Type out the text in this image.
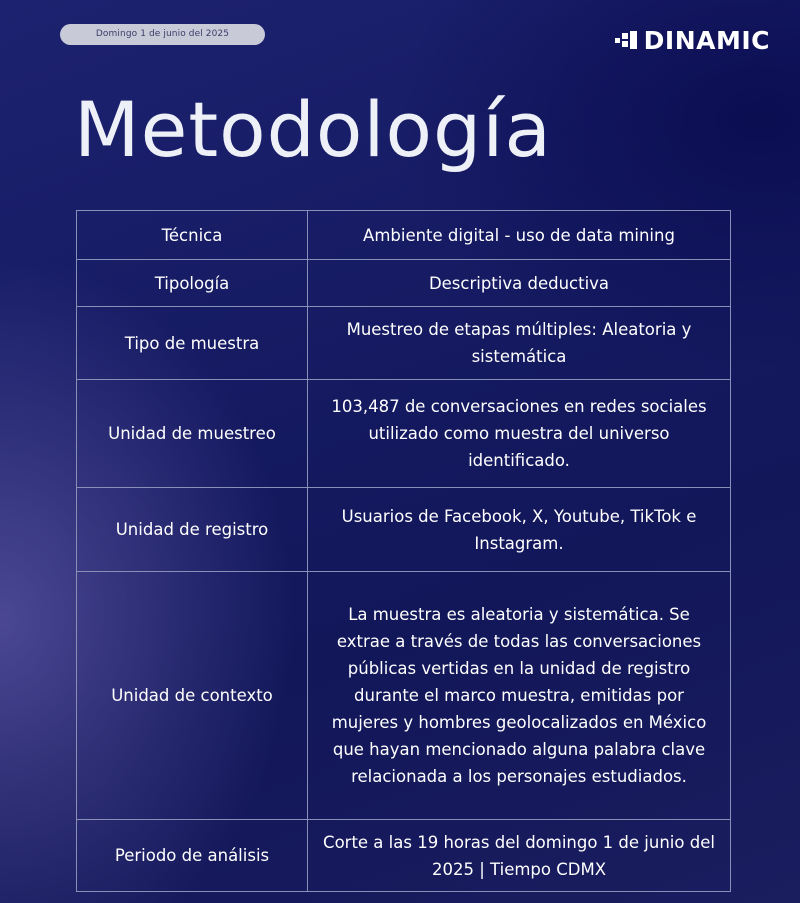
Domingo 1 de junio del 2025	DINAMIC
Metodología
Técnica	Ambiente digital - uso de data mining
Tipología	Descriptiva deductiva
Tipo de muestra	Muestreo de etapas múltiples: Aleatoria y sistemática
Unidad de muestreo	103,487 de conversaciones en redes sociales utilizado como muestra del universo identificado.
Unidad de registro	Usuarios de Facebook, X, Youtube, TikTok e Instagram.
Unidad de contexto	La muestra es aleatoria y sistemática. Se extrae a través de todas las conversaciones públicas vertidas en la unidad de registro durante el marco muestra, emitidas por mujeres y hombres geolocalizados en México que hayan mencionado alguna palabra clave relacionada a los personajes estudiados.
Periodo de análisis	Corte a las 19 horas del domingo 1 de junio del 2025 | Tiempo CDMX
